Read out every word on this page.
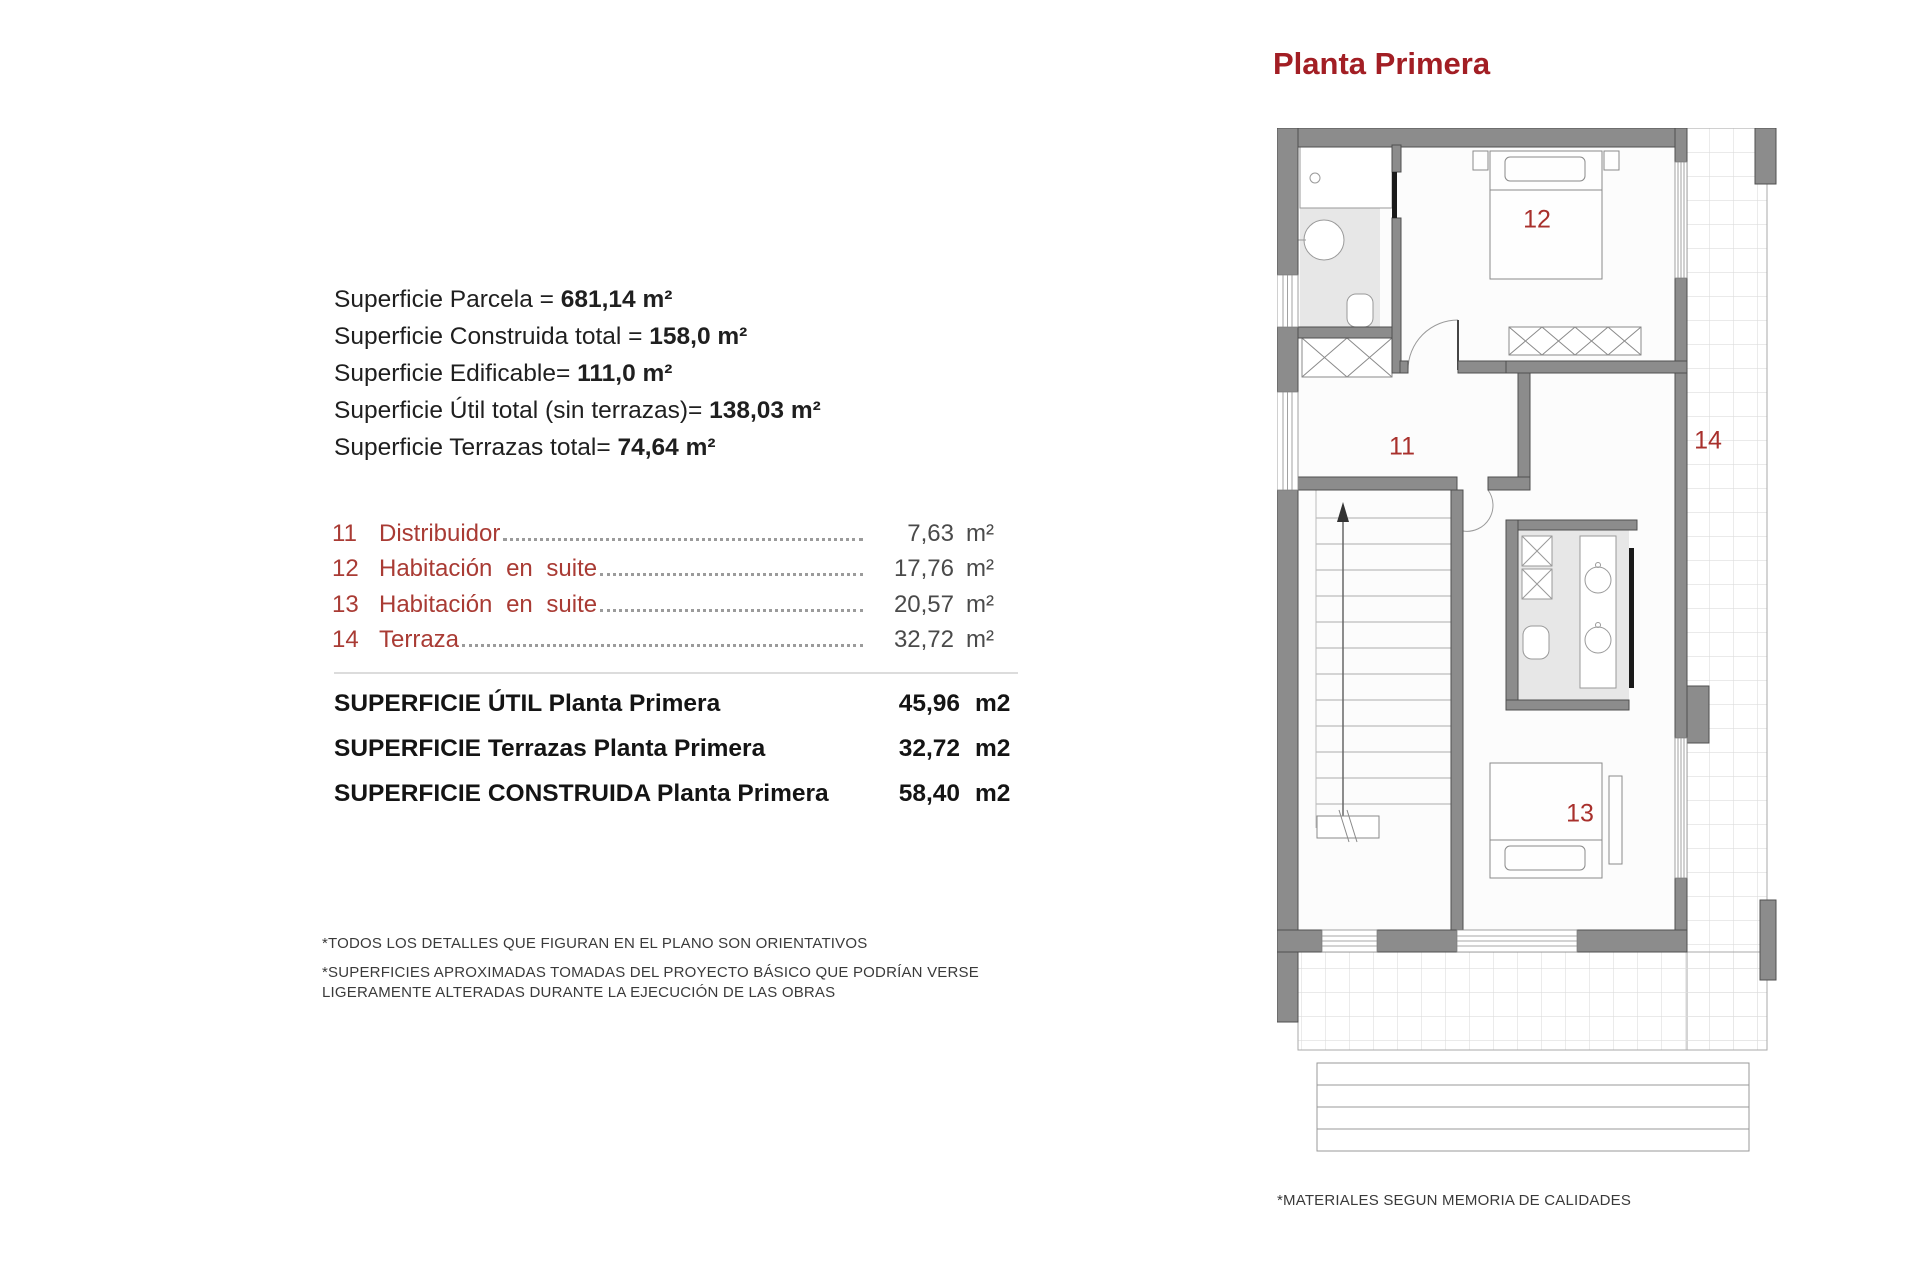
Superficie Parcela = 681,14 m²
Superficie Construida total = 158,0 m²
Superficie Edificable= 111,0 m²
Superficie Útil total (sin terrazas)= 138,03 m²
Superficie Terrazas total= 74,64 m²
11 Distribuidor	7,63 m²
12 Habitación en suite	17,76 m²
13 Habitación en suite	20,57 m²
14 Terraza	32,72 m²
SUPERFICIE ÚTIL Planta Primera	45,96 m2
SUPERFICIE Terrazas Planta Primera	32,72 m2
SUPERFICIE CONSTRUIDA Planta Primera	58,40 m2
*TODOS LOS DETALLES QUE FIGURAN EN EL PLANO SON ORIENTATIVOS
*SUPERFICIES APROXIMADAS TOMADAS DEL PROYECTO BÁSICO QUE PODRÍAN VERSE
LIGERAMENTE ALTERADAS DURANTE LA EJECUCIÓN DE LAS OBRAS
Planta Primera
12
11	14
13
*MATERIALES SEGUN MEMORIA DE CALIDADES
